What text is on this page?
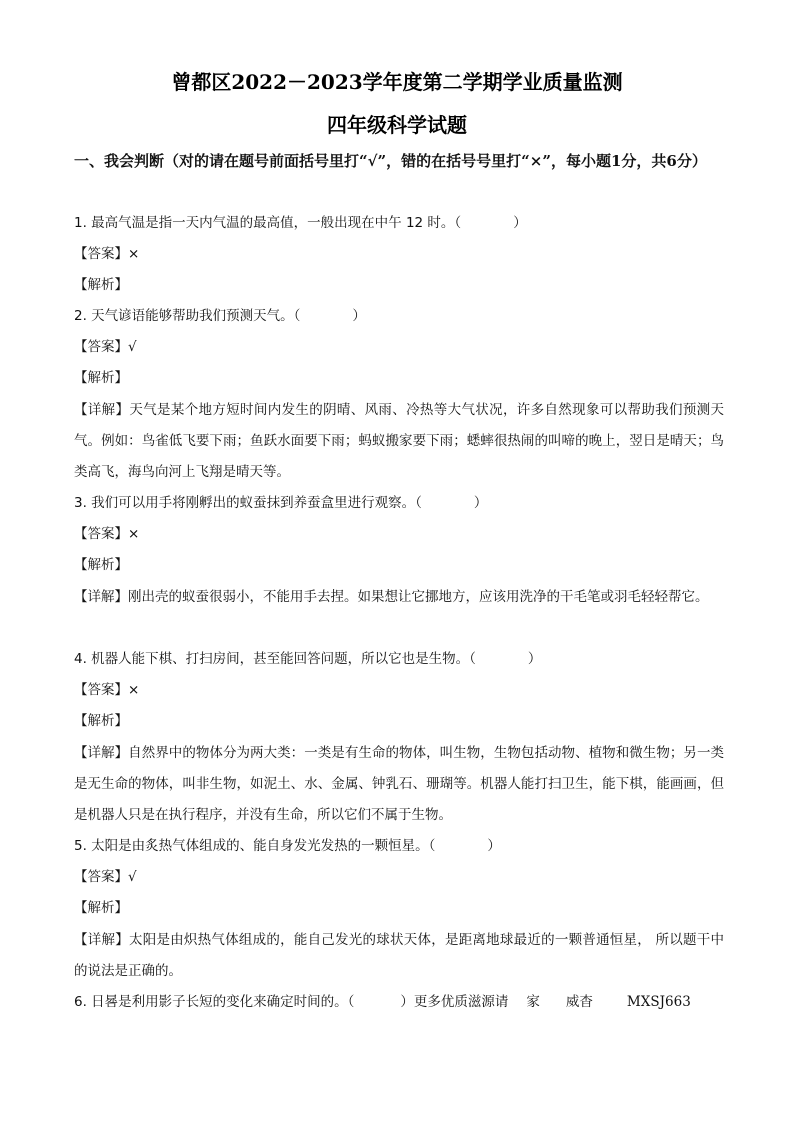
曾都区2022－2023学年度第二学期学业质量监测
四年级科学试题
一、我会判断（对的请在题号前面括号里打“√”，错的在括号号里打“×”，每小题1分，共6分）
1. 最高气温是指一天内气温的最高值，一般出现在中午 12 时。（	）
【答案】×
【解析】
2. 天气谚语能够帮助我们预测天气。（	）
【答案】√
【解析】
【详解】天气是某个地方短时间内发生的阴晴、风雨、冷热等大气状况，许多自然现象可以帮助我们预测天气。例如：鸟雀低飞要下雨；鱼跃水面要下雨；蚂蚁搬家要下雨；蟋蟀很热闹的叫啼的晚上，翌日是晴天；鸟类高飞，海鸟向河上飞翔是晴天等。
3. 我们可以用手将刚孵出的蚁蚕抹到养蚕盒里进行观察。（	）
【答案】×
【解析】
【详解】刚出壳的蚁蚕很弱小，不能用手去捏。如果想让它挪地方，应该用洗净的干毛笔或羽毛轻轻帮它。
4. 机器人能下棋、打扫房间，甚至能回答问题，所以它也是生物。（	）
【答案】×
【解析】
【详解】自然界中的物体分为两大类：一类是有生命的物体，叫生物，生物包括动物、植物和微生物；另一类是无生命的物体，叫非生物，如泥土、水、金属、钟乳石、珊瑚等。机器人能打扫卫生，能下棋，能画画，但是机器人只是在执行程序，并没有生命，所以它们不属于生物。
5. 太阳是由炙热气体组成的、能自身发光发热的一颗恒星。（	）
【答案】√
【解析】
【详解】太阳是由炽热气体组成的，能自己发光的球状天体，是距离地球最近的一颗普通恒星， 所以题干中的说法是正确的。
6. 日晷是利用影子长短的变化来确定时间的。（	）更多优质滋源请 家 威杳	MXSJ663
